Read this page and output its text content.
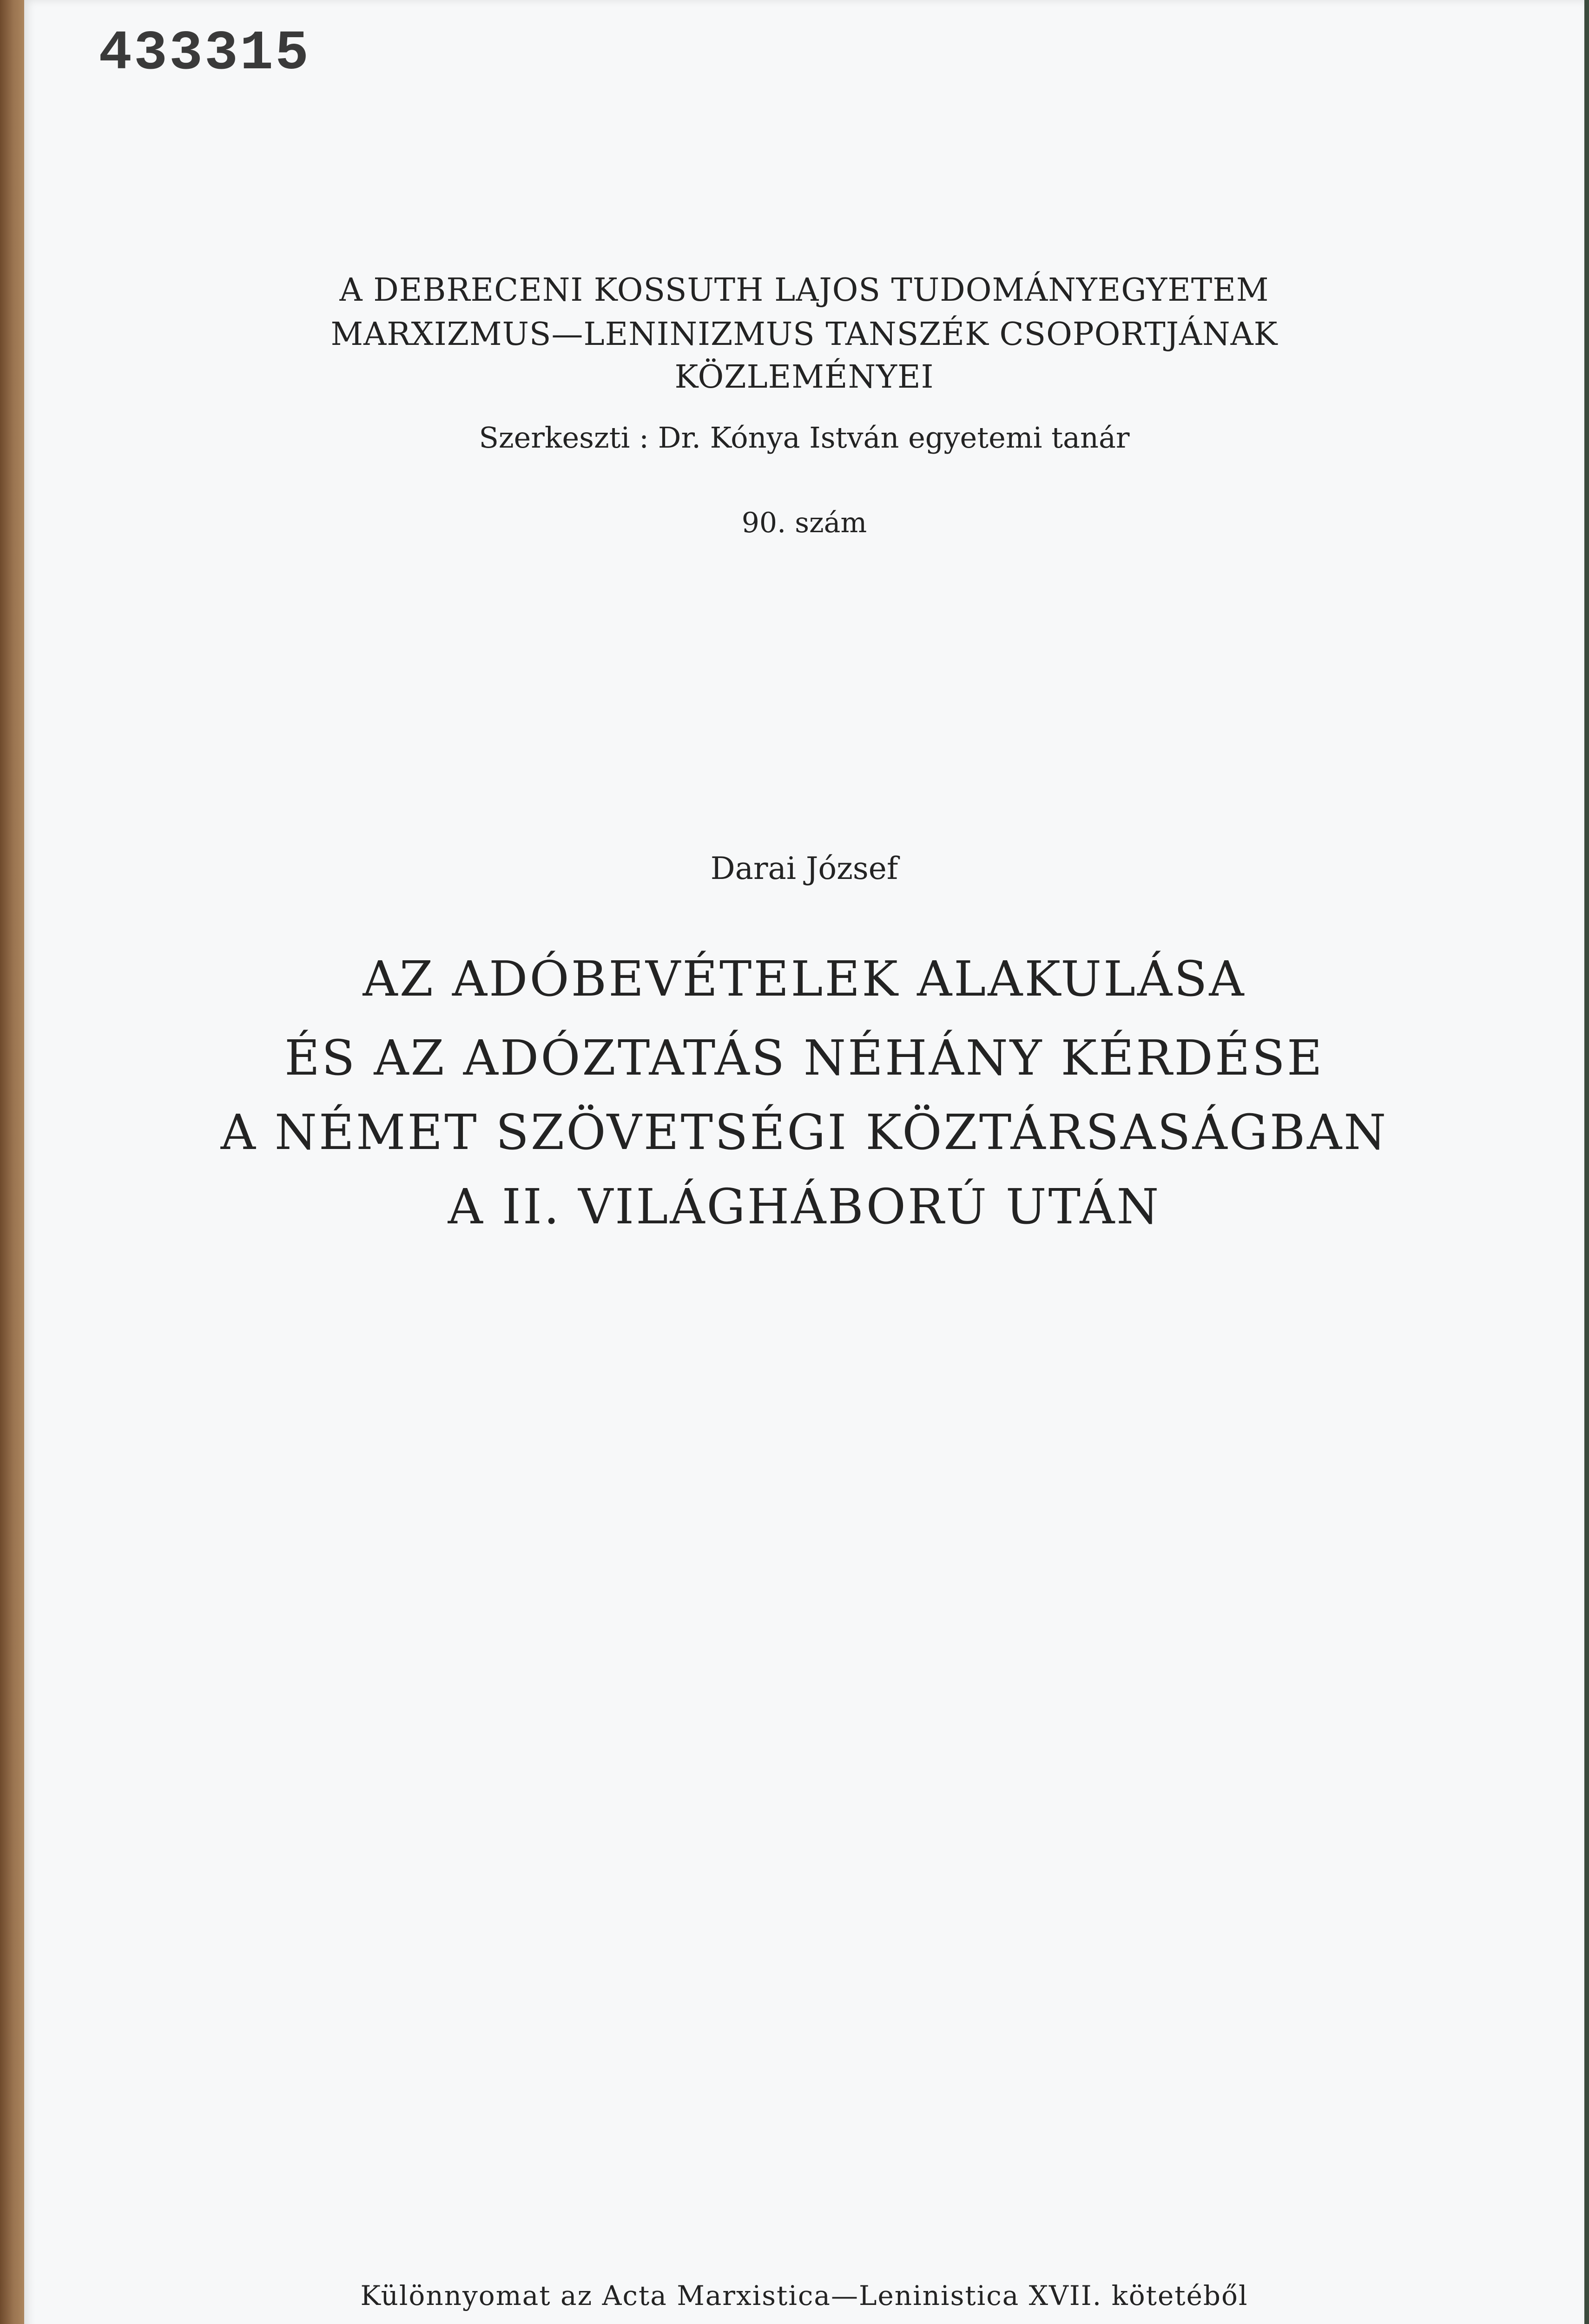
433315

A DEBRECENI KOSSUTH LAJOS TUDOMÁNYEGYETEM

MARXIZMUS—LENINIZMUS TANSZÉK CSOPORTJÁNAK

KÖZLEMÉNYEI

Szerkeszti : Dr. Kónya István egyetemi tanár

90. szám

Darai József

AZ ADÓBEVÉTELEK ALAKULÁSA

ÉS AZ ADÓZTATÁS NÉHÁNY KÉRDÉSE

A NÉMET SZÖVETSÉGI KÖZTÁRSASÁGBAN

A II. VILÁGHÁBORÚ UTÁN

Különnyomat az Acta Marxistica—Leninistica XVII. kötetéből
